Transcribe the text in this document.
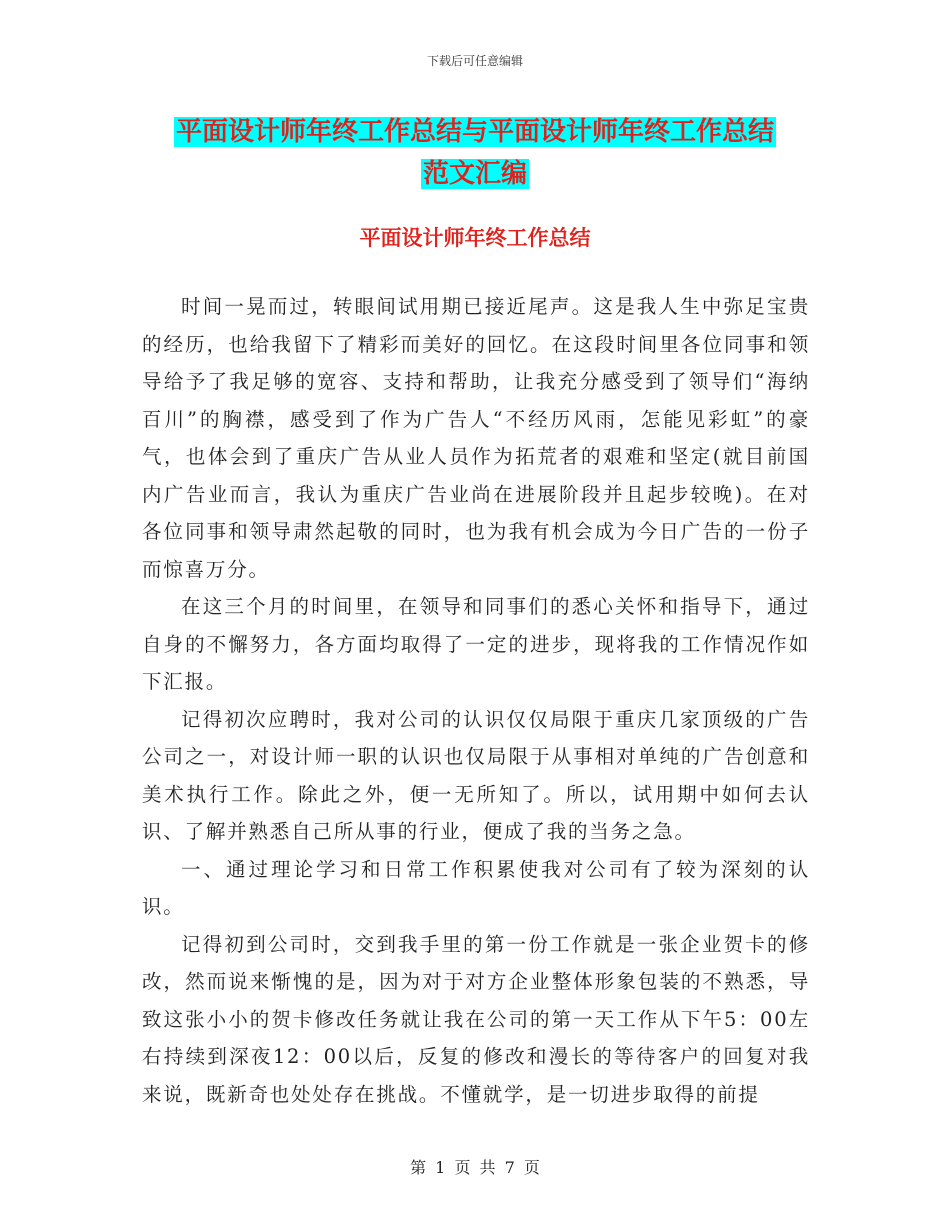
下载后可任意编辑
平面设计师年终工作总结与平面设计师年终工作总结
范文汇编
平面设计师年终工作总结

时间一晃而过，转眼间试用期已接近尾声。这是我人生中弥足宝贵的经历，也给我留下了精彩而美好的回忆。在这段时间里各位同事和领导给予了我足够的宽容、支持和帮助，让我充分感受到了领导们“海纳百川”的胸襟，感受到了作为广告人“不经历风雨，怎能见彩虹”的豪气，也体会到了重庆广告从业人员作为拓荒者的艰难和坚定(就目前国内广告业而言，我认为重庆广告业尚在进展阶段并且起步较晚)。在对各位同事和领导肃然起敬的同时，也为我有机会成为今日广告的一份子而惊喜万分。

在这三个月的时间里，在领导和同事们的悉心关怀和指导下，通过自身的不懈努力，各方面均取得了一定的进步，现将我的工作情况作如下汇报。

记得初次应聘时，我对公司的认识仅仅局限于重庆几家顶级的广告公司之一，对设计师一职的认识也仅局限于从事相对单纯的广告创意和美术执行工作。除此之外，便一无所知了。所以，试用期中如何去认识、了解并熟悉自己所从事的行业，便成了我的当务之急。

一、通过理论学习和日常工作积累使我对公司有了较为深刻的认识。

记得初到公司时，交到我手里的第一份工作就是一张企业贺卡的修改，然而说来惭愧的是，因为对于对方企业整体形象包装的不熟悉，导致这张小小的贺卡修改任务就让我在公司的第一天工作从下午5：00左右持续到深夜12：00以后，反复的修改和漫长的等待客户的回复对我来说，既新奇也处处存在挑战。不懂就学，是一切进步取得的前提

第 1 页 共 7 页
